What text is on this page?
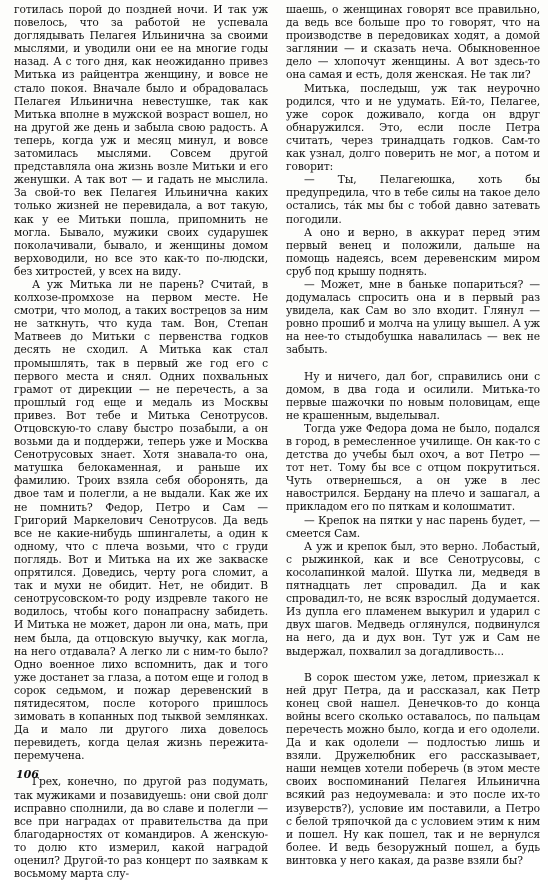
готилась порой до поздней ночи. И так уж повелось, что за работой не успевала доглядывать Пелагея Ильинична за своими мыслями, и уводили они ее на многие годы назад. А с того дня, как неожиданно привез Митька из райцентра женщину, и вовсе не стало покоя. Вначале было и обрадовалась Пелагея Ильинична невестушке, так как Митька вполне в мужской возраст вошел, но на другой же день и забыла свою радость. А теперь, когда уж и месяц минул, и вовсе затомилась мыслями. Совсем другой представляла она жизнь возле Митьки и его женушки. А так вот — и гадать не мыслила. За свой-то век Пелагея Ильинична каких только жизней не перевидала, а вот такую, как у ее Митьки пошла, припомнить не могла. Бывало, мужики своих сударушек поколачивали, бывало, и женщины домом верховодили, но все это как-то по-людски, без хитростей, у всех на виду.

А уж Митька ли не парень? Считай, в колхозе-промхозе на первом месте. Не смотри, что молод, а таких вострецов за ним не заткнуть, что куда там. Вон, Степан Матвеев до Митьки с первенства годков десять не сходил. А Митька как стал промышлять, так в первый же год его с первого места и снял. Одних похвальных грамот от дирекции — не перечесть, а за прошлый год еще и медаль из Москвы привез. Вот тебе и Митька Сенотрусов. Отцовскую-то славу быстро позабыли, а он возьми да и поддержи, теперь уже и Москва Сенотрусовых знает. Хотя знавала-то она, матушка белокаменная, и раньше их фамилию. Троих взяла себя оборонять, да двое там и полегли, а не выдали. Как же их не помнить? Федор, Петро и Сам — Григорий Маркелович Сенотрусов. Да ведь все не какие-нибудь шпингалеты, а один к одному, что с плеча возьми, что с груди поглядь. Вот и Митька на их же закваске опрятился. Доведись, черту рога сломит, а так и мухи не обидит. Нет, не обидит. В сенотрусовском-то роду издревле такого не водилось, чтобы кого понапрасну забидеть. И Митька не может, дарон ли она, мать, при нем была, да отцовскую выучку, как могла, на него отдавала? А легко ли с ним-то было? Одно военное лихо вспомнить, дак и того уже достанет за глаза, а потом еще и голод в сорок седьмом, и пожар деревенский в пятидесятом, после которого пришлось зимовать в копанных под тыквой землянках. Да и мало ли другого лиха довелось перевидеть, когда целая жизнь пережита-перемучена.

Грех, конечно, по другой раз подумать, так мужиками и позавидуешь: они свой долг исправно сполнили, да во славе и полегли — все при наградах от правительства да при благодарностях от командиров. А женскую-то долю кто измерил, какой наградой оценил? Другой-то раз концерт по заявкам к восьмому марта слу-

шаешь, о женщинах говорят все правильно, да ведь все больше про то говорят, что на производстве в передовиках ходят, а домой заглянии — и сказать неча. Обыкновенное дело — хлопочут женщины. А вот здесь-то она самая и есть, доля женская. Не так ли?

Митька, последыш, уж так неурочно родился, что и не удумать. Ей-то, Пелагее, уже сорок доживало, когда он вдруг обнаружился. Это, если после Петра считать, через тринадцать годков. Сам-то как узнал, долго поверить не мог, а потом и говорит:

— Ты, Пелагеюшка, хоть бы предупредила, что в тебе силы на такое дело остались, та́к мы бы с тобой давно затевать погодили.

А оно и верно, в аккурат перед этим первый венец и положили, дальше на помощь надеясь, всем деревенским миром сруб под крышу поднять.

— Может, мне в баньке попариться? — додумалась спросить она и в первый раз увидела, как Сам во зло входит. Глянул — ровно прошиб и молча на улицу вышел. А уж на нее-то стыдобушка навалилась — век не забыть.

Ну и ничего, дал бог, справились они с домом, в два года и осилили. Митька-то первые шажочки по новым половицам, еще не крашенным, выделывал.

Тогда уже Федора дома не было, подался в город, в ремесленное училище. Он как-то с детства до учебы был охоч, а вот Петро — тот нет. Тому бы все с отцом покрутиться. Чуть отвернешься, а он уже в лес навострился. Бердану на плечо и зашагал, а прикладом его по пяткам и колошматит.

— Крепок на пятки у нас парень будет, — смеется Сам.

А уж и крепок был, это верно. Лобастый, с рыжинкой, как и все Сенотрусовы, с косолапинкой малой. Шутка ли, медведя в пятнадцать лет спровадил. Да и как спровадил-то, не всяк взрослый додумается. Из дупла его пламенем выкурил и ударил с двух шагов. Медведь оглянулся, подвинулся на него, да и дух вон. Тут уж и Сам не выдержал, похвалил за догадливость...

В сорок шестом уже, летом, приезжал к ней друг Петра, да и рассказал, как Петр конец свой нашел. Денечков-то до конца войны всего сколько оставалось, по пальцам перечесть можно было, когда и его одолели. Да и как одолели — подлостью лишь и взяли. Дружелюбник его рассказывает, наши немцев хотели поберечь (в этом месте своих воспоминаний Пелагея Ильинична всякий раз недоумевала: и это после их-то изуверств?), условие им поставили, а Петро с белой тряпочкой да с условием этим к ним и пошел. Ну как пошел, так и не вернулся более. И ведь безоружный пошел, а будь винтовка у него какая, да разве взяли бы?

106
